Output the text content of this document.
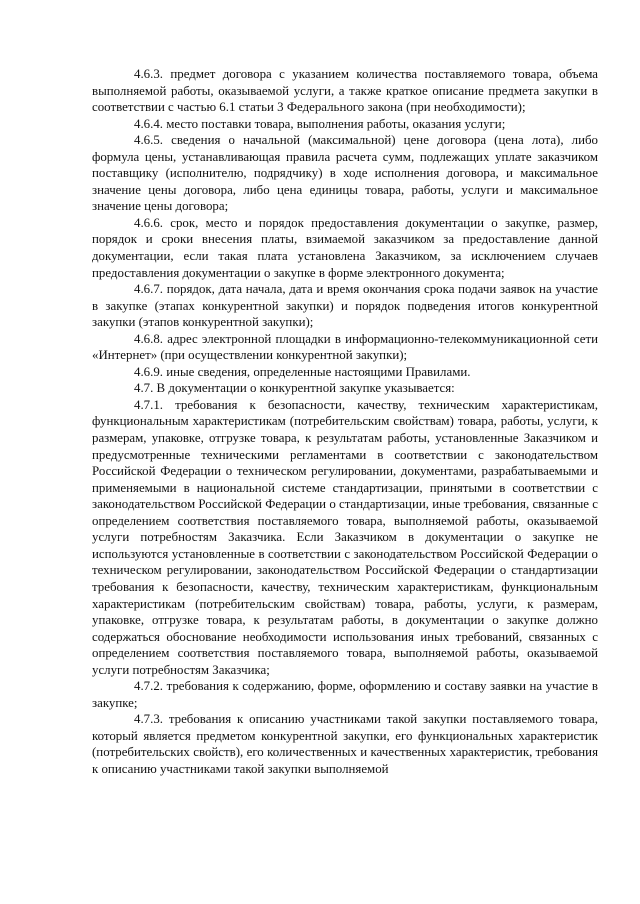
4.6.3. предмет договора с указанием количества поставляемого товара, объема выполняемой работы, оказываемой услуги, а также краткое описание предмета закупки в соответствии с частью 6.1 статьи 3 Федерального закона (при необходимости);

4.6.4. место поставки товара, выполнения работы, оказания услуги;

4.6.5. сведения о начальной (максимальной) цене договора (цена лота), либо формула цены, устанавливающая правила расчета сумм, подлежащих уплате заказчиком поставщику (исполнителю, подрядчику) в ходе исполнения договора, и максимальное значение цены договора, либо цена единицы товара, работы, услуги и максимальное значение цены договора;

4.6.6. срок, место и порядок предоставления документации о закупке, размер, порядок и сроки внесения платы, взимаемой заказчиком за предоставление данной документации, если такая плата установлена Заказчиком, за исключением случаев предоставления документации о закупке в форме электронного документа;

4.6.7. порядок, дата начала, дата и время окончания срока подачи заявок на участие в закупке (этапах конкурентной закупки) и порядок подведения итогов конкурентной закупки (этапов конкурентной закупки);

4.6.8. адрес электронной площадки в информационно-телекоммуникационной сети «Интернет» (при осуществлении конкурентной закупки);

4.6.9. иные сведения, определенные настоящими Правилами.

4.7. В документации о конкурентной закупке указывается:

4.7.1. требования к безопасности, качеству, техническим характеристикам, функциональным характеристикам (потребительским свойствам) товара, работы, услуги, к размерам, упаковке, отгрузке товара, к результатам работы, установленные Заказчиком и предусмотренные техническими регламентами в соответствии с законодательством Российской Федерации о техническом регулировании, документами, разрабатываемыми и применяемыми в национальной системе стандартизации, принятыми в соответствии с законодательством Российской Федерации о стандартизации, иные требования, связанные с определением соответствия поставляемого товара, выполняемой работы, оказываемой услуги потребностям Заказчика. Если Заказчиком в документации о закупке не используются установленные в соответствии с законодательством Российской Федерации о техническом регулировании, законодательством Российской Федерации о стандартизации требования к безопасности, качеству, техническим характеристикам, функциональным характеристикам (потребительским свойствам) товара, работы, услуги, к размерам, упаковке, отгрузке товара, к результатам работы, в документации о закупке должно содержаться обоснование необходимости использования иных требований, связанных с определением соответствия поставляемого товара, выполняемой работы, оказываемой услуги потребностям Заказчика;

4.7.2. требования к содержанию, форме, оформлению и составу заявки на участие в закупке;

4.7.3. требования к описанию участниками такой закупки поставляемого товара, который является предметом конкурентной закупки, его функциональных характеристик (потребительских свойств), его количественных и качественных характеристик, требования к описанию участниками такой закупки выполняемой
